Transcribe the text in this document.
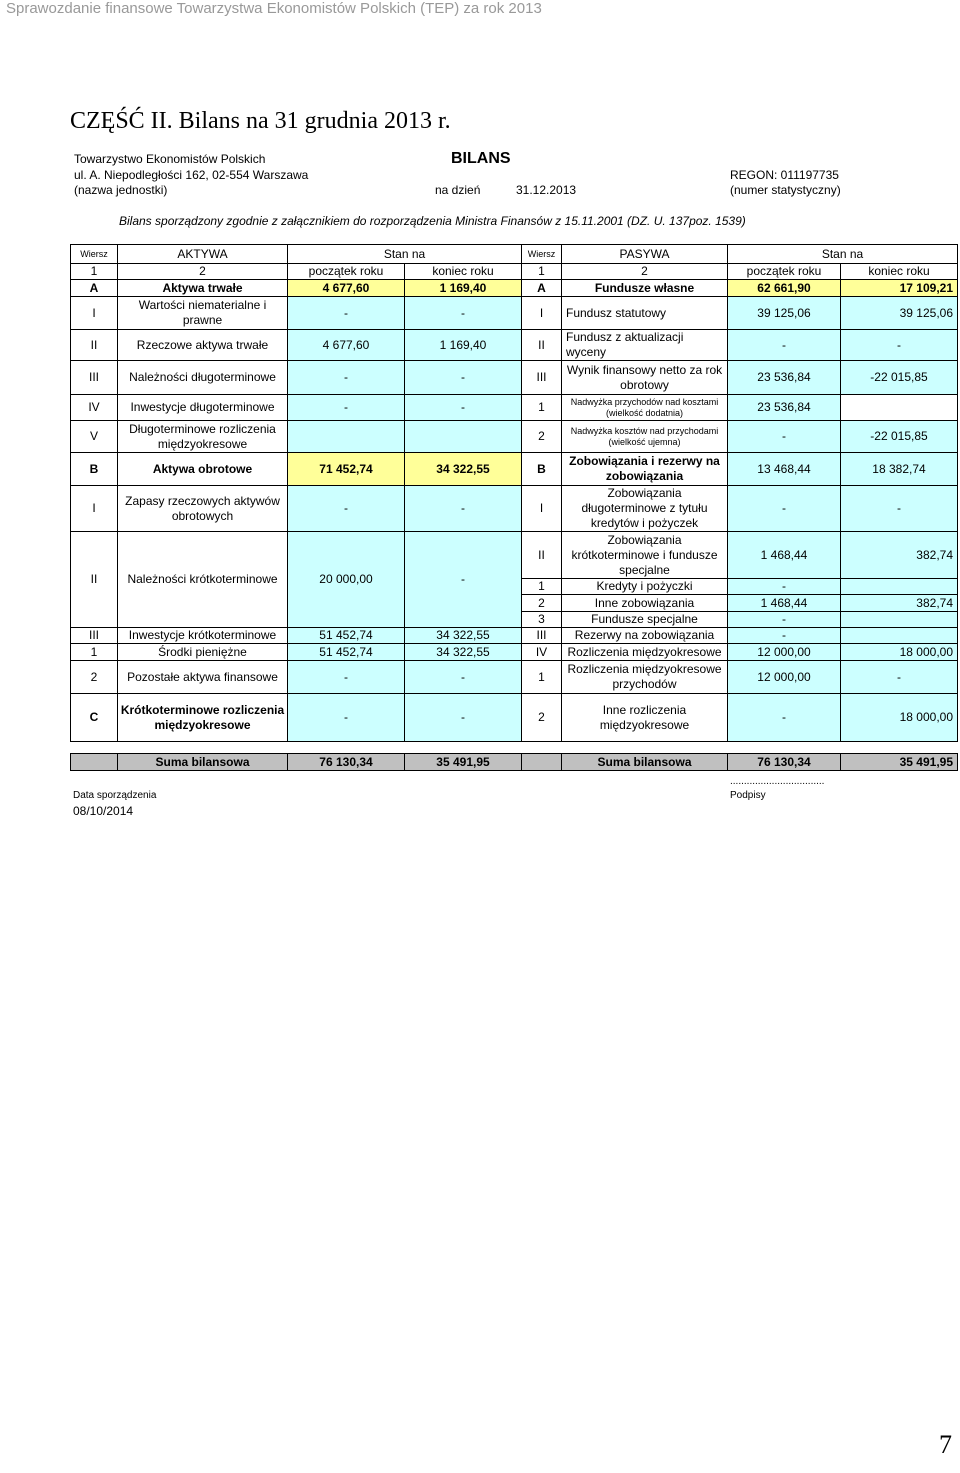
Sprawozdanie finansowe Towarzystwa Ekonomistów Polskich (TEP) za rok 2013
CZĘŚĆ II. Bilans na 31 grudnia 2013 r.
Towarzystwo Ekonomistów Polskich
ul. A. Niepodległości 162, 02-554 Warszawa
(nazwa jednostki)
BILANS
na dzień	31.12.2013
REGON: 011197735
(numer statystyczny)
Bilans sporządzony zgodnie z załącznikiem do rozporządzenia Ministra Finansów z 15.11.2001 (DZ. U. 137poz. 1539)
Wiersz	AKTYWA	Stan na		Wiersz	PASYWA	Stan na	
1	2	początek roku	koniec roku	1	2	początek roku	koniec roku
A	Aktywa trwałe	4 677,60	1 169,40	A	Fundusze własne	62 661,90	17 109,21
I	Wartości niematerialne i prawne	-	-	I	Fundusz statutowy	39 125,06	39 125,06
II	Rzeczowe aktywa trwałe	4 677,60	1 169,40	II	Fundusz z aktualizacji wyceny	-	-
III	Należności długoterminowe	-	-	III	Wynik finansowy netto za rok obrotowy	23 536,84	-22 015,85
IV	Inwestycje długoterminowe	-	-	1	Nadwyżka przychodów nad kosztami (wielkość dodatnia)	23 536,84	
V	Długoterminowe rozliczenia międzyokresowe			2	Nadwyżka kosztów nad przychodami (wielkość ujemna)	-	-22 015,85
B	Aktywa obrotowe	71 452,74	34 322,55	B	Zobowiązania i rezerwy na zobowiązania	13 468,44	18 382,74
I	Zapasy rzeczowych aktywów obrotowych	-	-	I	Zobowiązania długoterminowe z tytułu kredytów i pożyczek	-	-
II	Należności krótkoterminowe	20 000,00	-	II	Zobowiązania krótkoterminowe i fundusze specjalne	1 468,44	382,74
				1	Kredyty i pożyczki	-	
				2	Inne zobowiązania	1 468,44	382,74
				3	Fundusze specjalne	-	
III	Inwestycje krótkoterminowe	51 452,74	34 322,55	III	Rezerwy na zobowiązania	-	
1	Środki pieniężne	51 452,74	34 322,55	IV	Rozliczenia międzyokresowe	12 000,00	18 000,00
2	Pozostałe aktywa finansowe	-	-	1	Rozliczenia międzyokresowe przychodów	12 000,00	-
C	Krótkoterminowe rozliczenia międzyokresowe	-	-	2	Inne rozliczenia międzyokresowe	-	18 000,00

	Suma bilansowa	76 130,34	35 491,95		Suma bilansowa	76 130,34	35 491,95
..................................
Data sporządzenia	Podpisy
08/10/2014
7
